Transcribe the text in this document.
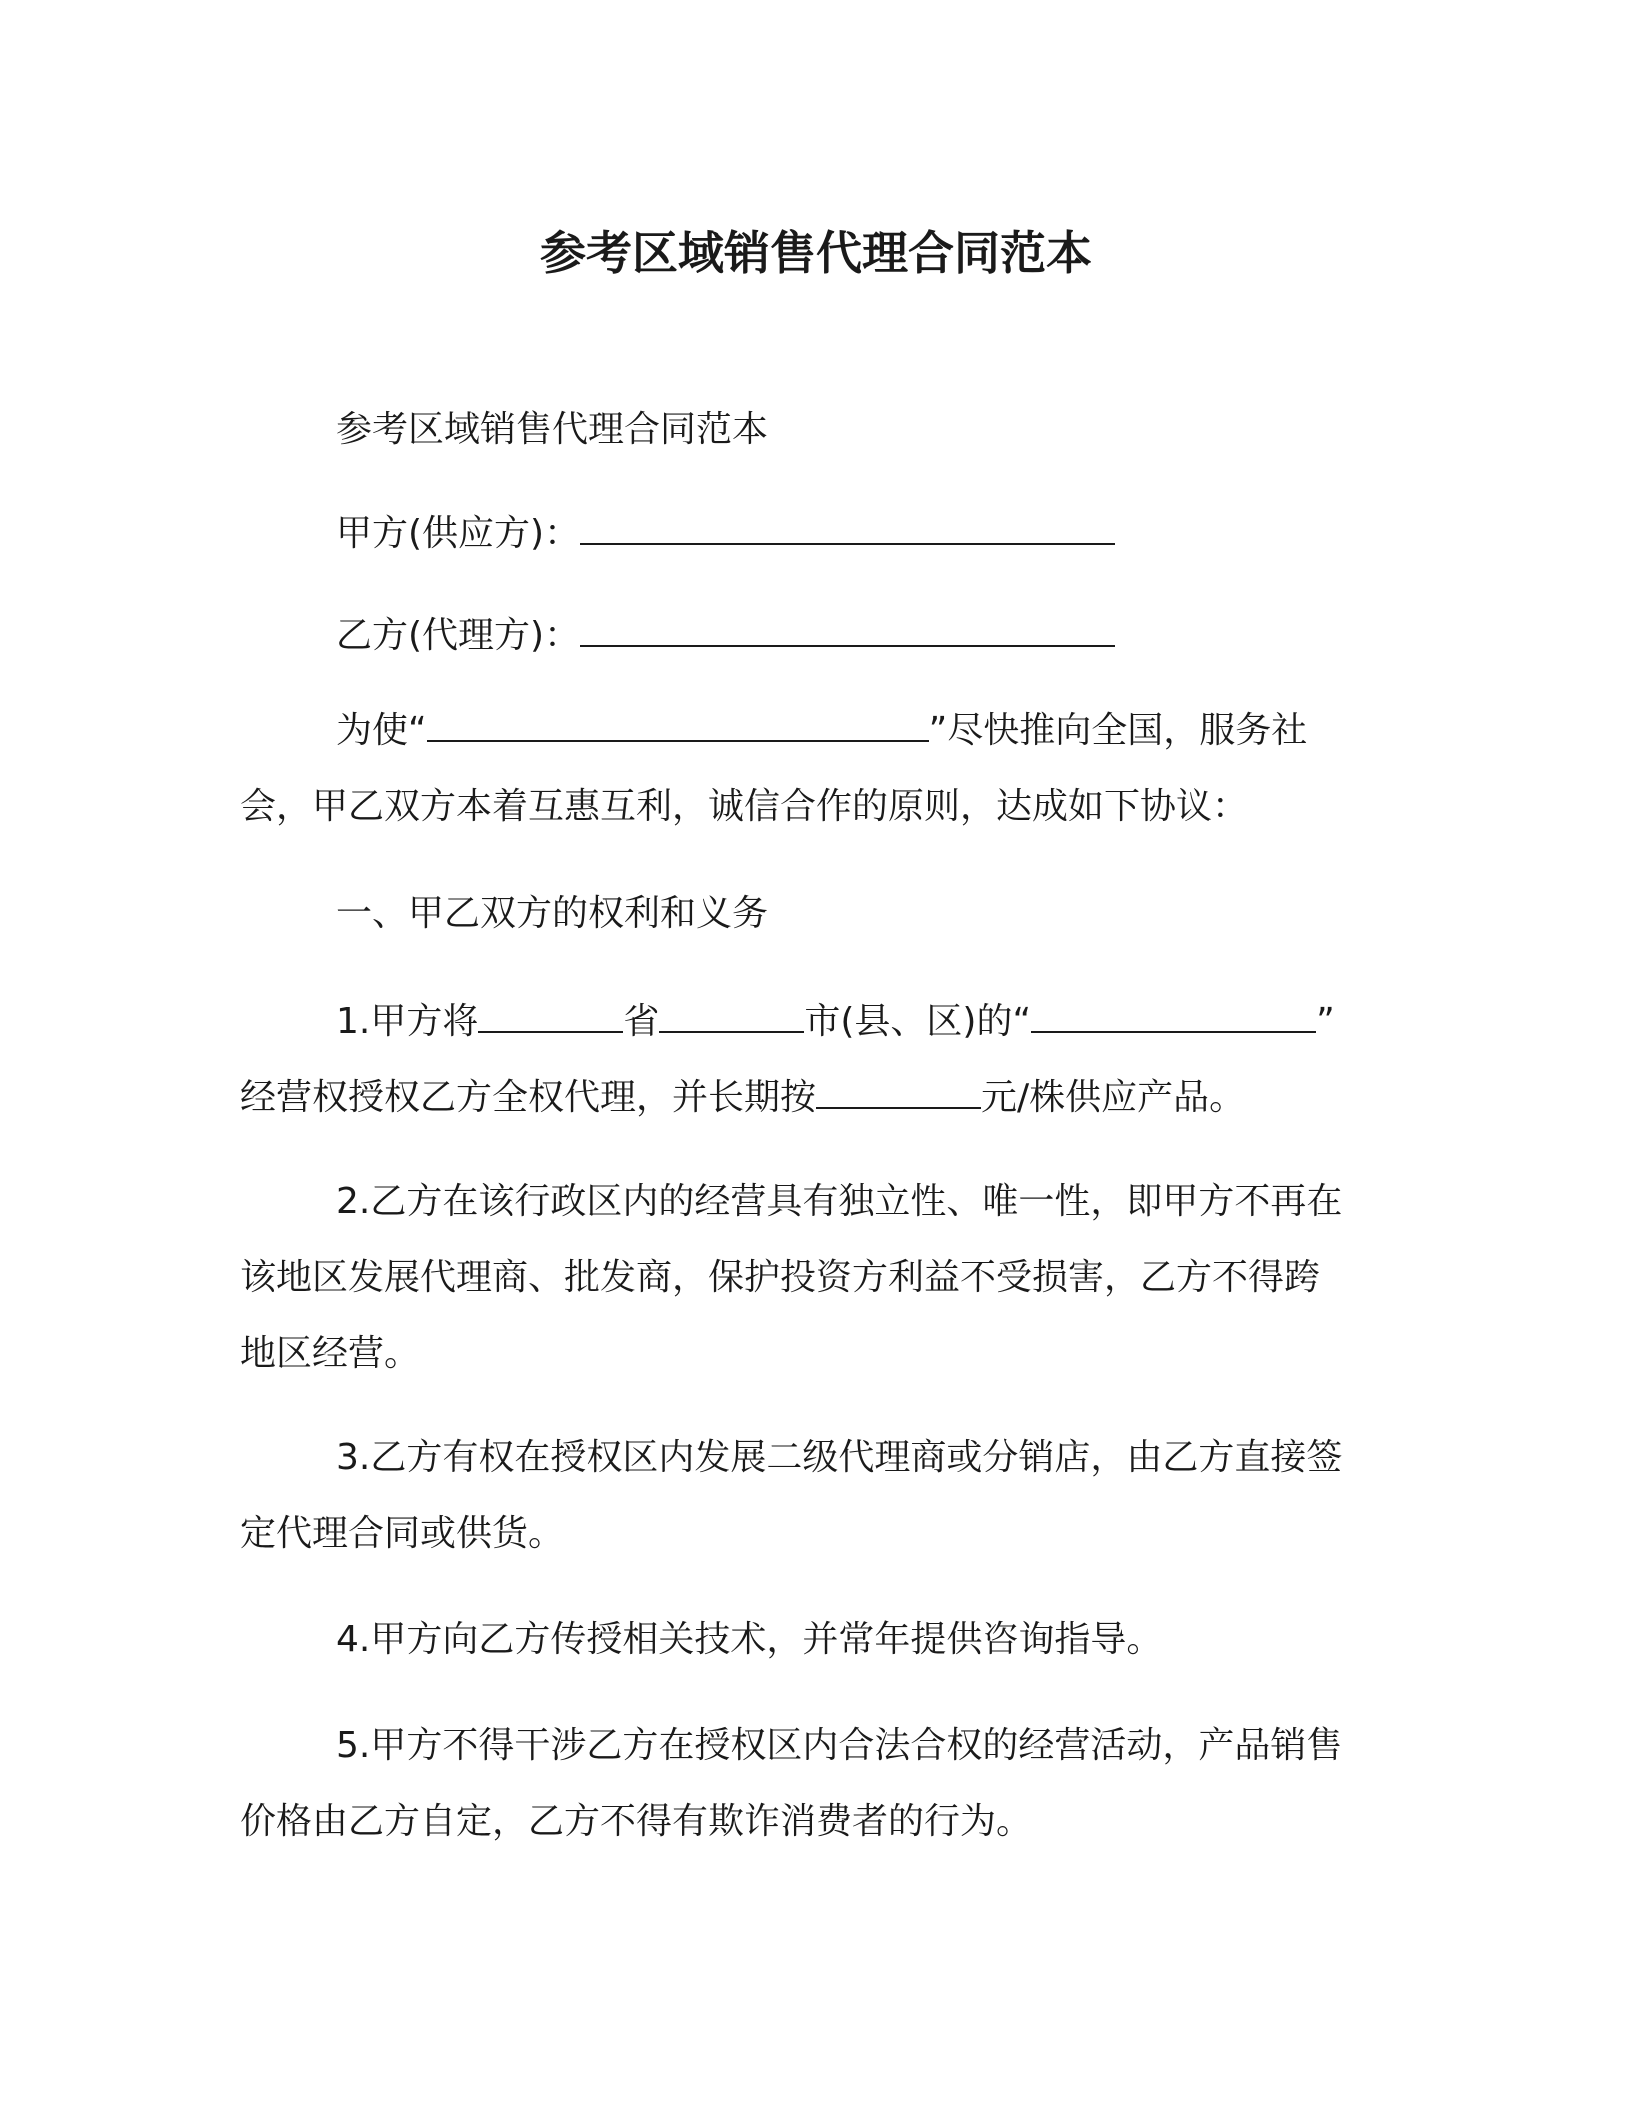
参考区域销售代理合同范本
参考区域销售代理合同范本
甲方(供应方)：
乙方(代理方)：
为使“	”尽快推向全国，服务社
会，甲乙双方本着互惠互利，诚信合作的原则，达成如下协议：
一、甲乙双方的权利和义务
1.甲方将	省	市(县、区)的“	”
经营权授权乙方全权代理，并长期按	元/株供应产品。
2.乙方在该行政区内的经营具有独立性、唯一性，即甲方不再在
该地区发展代理商、批发商，保护投资方利益不受损害，乙方不得跨
地区经营。
3.乙方有权在授权区内发展二级代理商或分销店，由乙方直接签
定代理合同或供货。
4.甲方向乙方传授相关技术，并常年提供咨询指导。
5.甲方不得干涉乙方在授权区内合法合权的经营活动，产品销售
价格由乙方自定，乙方不得有欺诈消费者的行为。
